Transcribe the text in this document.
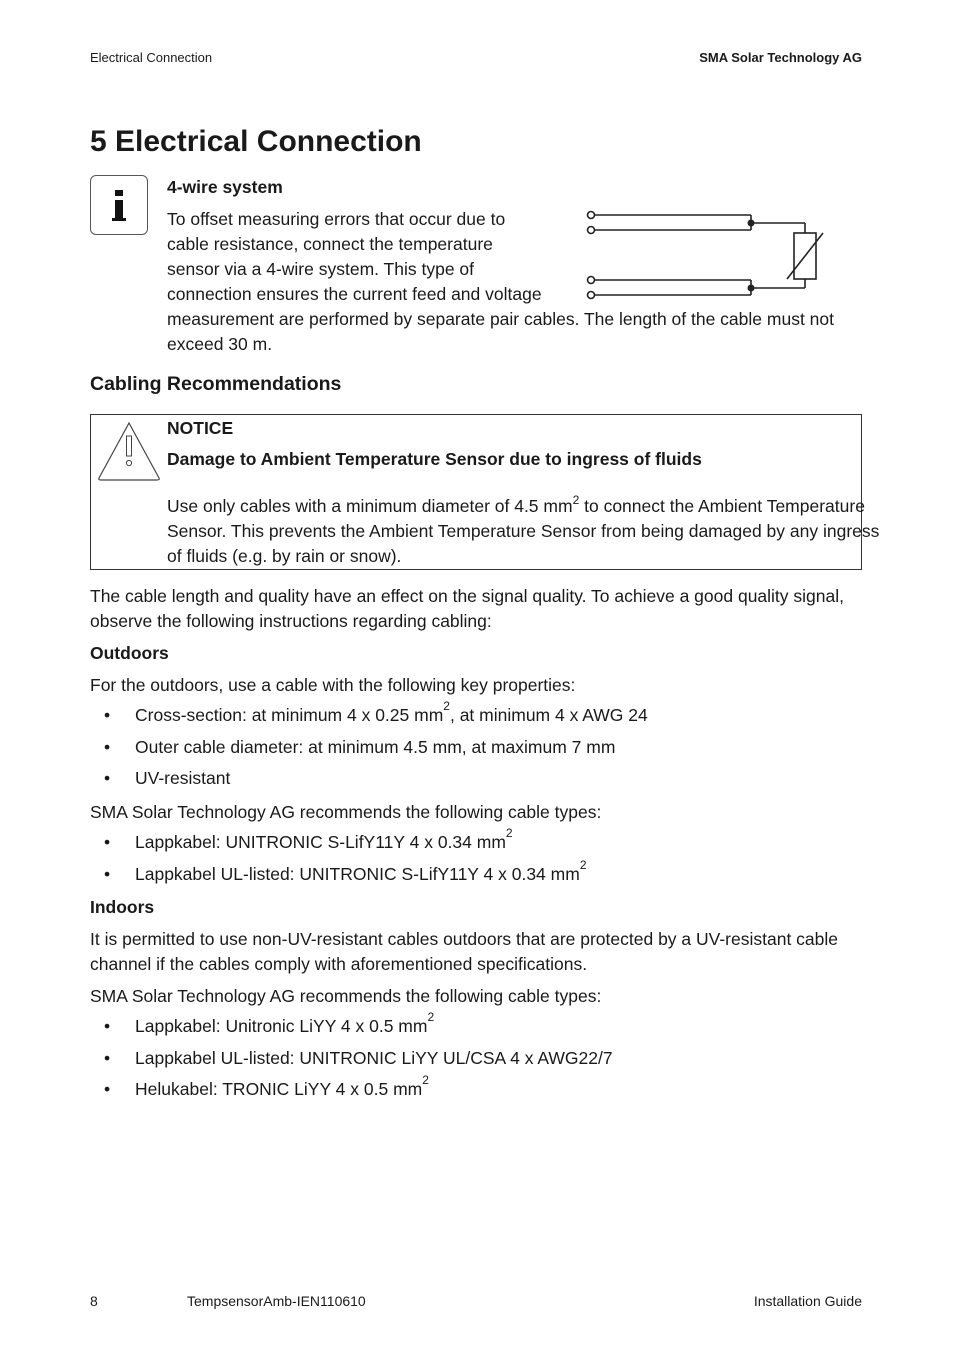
Electrical Connection	SMA Solar Technology AG
5 Electrical Connection
4-wire system
To offset measuring errors that occur due to
cable resistance, connect the temperature
sensor via a 4-wire system. This type of
connection ensures the current feed and voltage
measurement are performed by separate pair cables. The length of the cable must not
exceed 30 m.
Cabling Recommendations
NOTICE
Damage to Ambient Temperature Sensor due to ingress of fluids
Use only cables with a minimum diameter of 4.5 $mm^2$ to connect the Ambient Temperature
Sensor. This prevents the Ambient Temperature Sensor from being damaged by any ingress
of fluids (e.g. by rain or snow).
The cable length and quality have an effect on the signal quality. To achieve a good quality signal,
observe the following instructions regarding cabling:
Outdoors
For the outdoors, use a cable with the following key properties:
• Cross-section: at minimum 4 x 0.25 $mm^2$, at minimum 4 x AWG 24
• Outer cable diameter: at minimum 4.5 mm, at maximum 7 mm
• UV-resistant
SMA Solar Technology AG recommends the following cable types:
• Lappkabel: UNITRONIC S-LifY11Y 4 x 0.34 $mm^2$
• Lappkabel UL-listed: UNITRONIC S-LifY11Y 4 x 0.34 $mm^2$
Indoors
It is permitted to use non-UV-resistant cables outdoors that are protected by a UV-resistant cable
channel if the cables comply with aforementioned specifications.
SMA Solar Technology AG recommends the following cable types:
• Lappkabel: Unitronic LiYY 4 x 0.5 $mm^2$
• Lappkabel UL-listed: UNITRONIC LiYY UL/CSA 4 x AWG22/7
• Helukabel: TRONIC LiYY 4 x 0.5 $mm^2$
8	TempsensorAmb-IEN110610	Installation Guide
